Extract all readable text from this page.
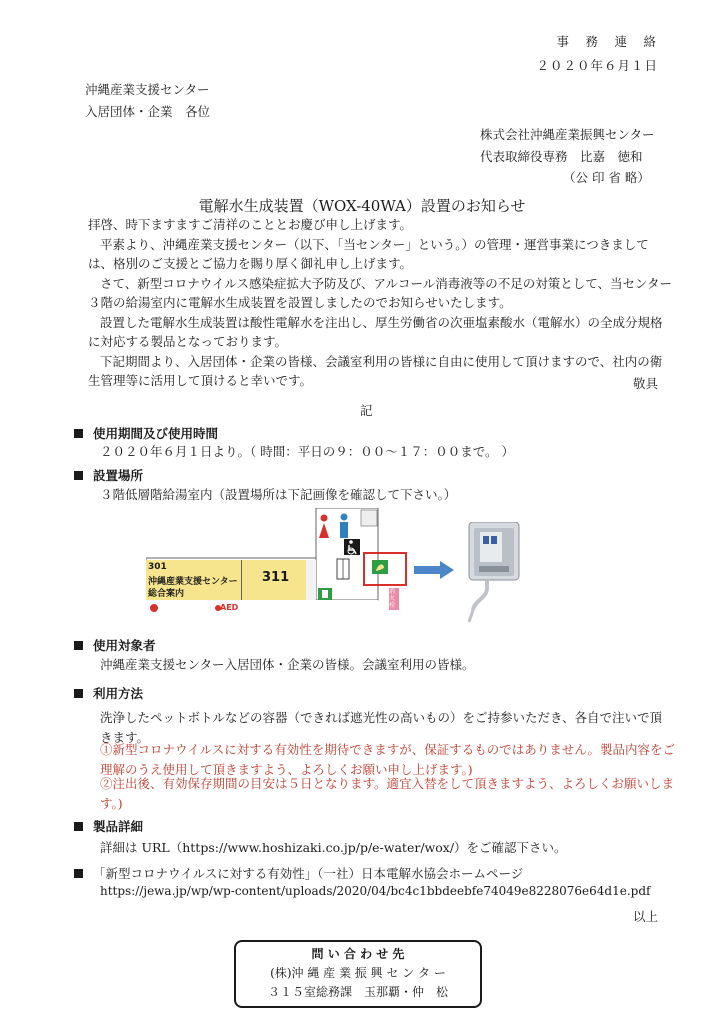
事　務　連　絡
２０２０年６月１日
沖縄産業支援センター
入居団体・企業　各位
株式会社沖縄産業振興センター
代表取締役専務　比嘉　徳和
（公 印 省 略）
電解水生成装置（WOX-40WA）設置のお知らせ

拝啓、時下ますますご清祥のこととお慶び申し上げます。

平素より、沖縄産業支援センター（以下、「当センター」という。）の管理・運営事業につきましては、格別のご支援とご協力を賜り厚く御礼申し上げます。

さて、新型コロナウイルス感染症拡大予防及び、アルコール消毒液等の不足の対策として、当センター３階の給湯室内に電解水生成装置を設置しましたのでお知らせいたします。

設置した電解水生成装置は酸性電解水を注出し、厚生労働省の次亜塩素酸水（電解水）の全成分規格に対応する製品となっております。

下記期間より、入居団体・企業の皆様、会議室利用の皆様に自由に使用して頂けますので、社内の衛生管理等に活用して頂けると幸いです。	敬具
記
使用期間及び使用時間
２０２０年６月１日より。（ 時間：平日の９：００～１７：００まで。 ）
設置場所
３階低層階給湯室内（設置場所は下記画像を確認して下さい。）
301
沖縄産業支援センター
総合案内
311
AED
消火栓
使用対象者
沖縄産業支援センター入居団体・企業の皆様。会議室利用の皆様。
利用方法
洗浄したペットボトルなどの容器（できれば遮光性の高いもの）をご持参いただき、各自で注いで頂きます。
①新型コロナウイルスに対する有効性を期待できますが、保証するものではありません。製品内容をご理解のうえ使用して頂きますよう、よろしくお願い申し上げます。)
②注出後、有効保存期間の目安は５日となります。適宜入替をして頂きますよう、よろしくお願いします。)
製品詳細
詳細は URL（https://www.hoshizaki.co.jp/p/e-water/wox/）をご確認下さい。
「新型コロナウイルスに対する有効性」（一社）日本電解水協会ホームページ
https://jewa.jp/wp/wp-content/uploads/2020/04/bc4c1bbdeebfe74049e8228076e64d1e.pdf
以上
問 い 合 わ せ 先
(株)沖 縄 産 業 振 興 セ ン タ ー
３１５室総務課　玉那覇・仲　松
